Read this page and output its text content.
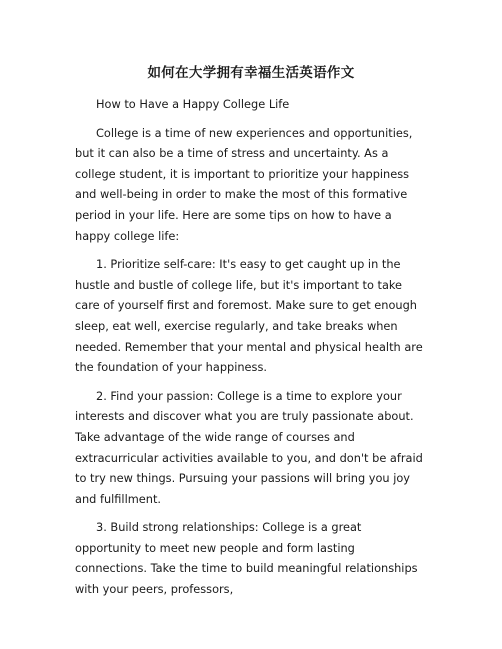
如何在大学拥有幸福生活英语作文

How to Have a Happy College Life

College is a time of new experiences and opportunities, but it can also be a time of stress and uncertainty. As a college student, it is important to prioritize your happiness and well-being in order to make the most of this formative period in your life. Here are some tips on how to have a happy college life:

1. Prioritize self-care: It's easy to get caught up in the hustle and bustle of college life, but it's important to take care of yourself first and foremost. Make sure to get enough sleep, eat well, exercise regularly, and take breaks when needed. Remember that your mental and physical health are the foundation of your happiness.

2. Find your passion: College is a time to explore your interests and discover what you are truly passionate about. Take advantage of the wide range of courses and extracurricular activities available to you, and don't be afraid to try new things. Pursuing your passions will bring you joy and fulfillment.

3. Build strong relationships: College is a great opportunity to meet new people and form lasting connections. Take the time to build meaningful relationships with your peers, professors,
